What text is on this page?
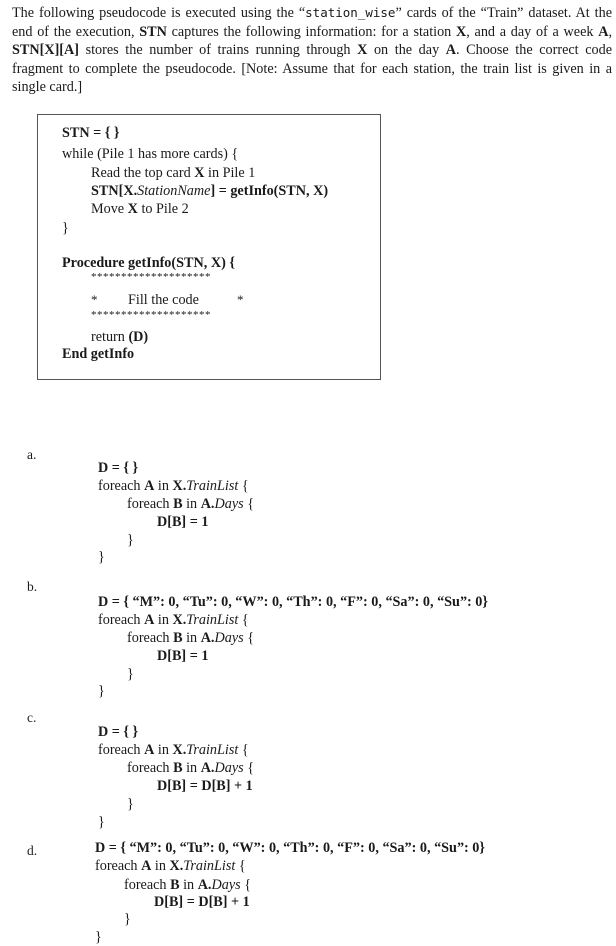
The following pseudocode is executed using the “station_wise” cards of the “Train” dataset. At the end of the execution, STN captures the following information: for a station X, and a day of a week A, STN[X][A] stores the number of trains running through X on the day A. Choose the correct code fragment to complete the pseudocode. [Note: Assume that for each station, the train list is given in a single card.]
STN = { }
while (Pile 1 has more cards) {
Read the top card X in Pile 1
STN[X.StationName] = getInfo(STN, X)
Move X to Pile 2
}
Procedure getInfo(STN, X) {
********************
* Fill the code	*
********************
return (D)
End getInfo
a.
D = { }
foreach A in X.TrainList {
foreach B in A.Days {
D[B] = 1
}
}
b.
D = { “M”: 0, “Tu”: 0, “W”: 0, “Th”: 0, “F”: 0, “Sa”: 0, “Su”: 0}
foreach A in X.TrainList {
foreach B in A.Days {
D[B] = 1
}
}
c.
D = { }
foreach A in X.TrainList {
foreach B in A.Days {
D[B] = D[B] + 1
}
}
d.	D = { “M”: 0, “Tu”: 0, “W”: 0, “Th”: 0, “F”: 0, “Sa”: 0, “Su”: 0}
foreach A in X.TrainList {
foreach B in A.Days {
D[B] = D[B] + 1
}
}
